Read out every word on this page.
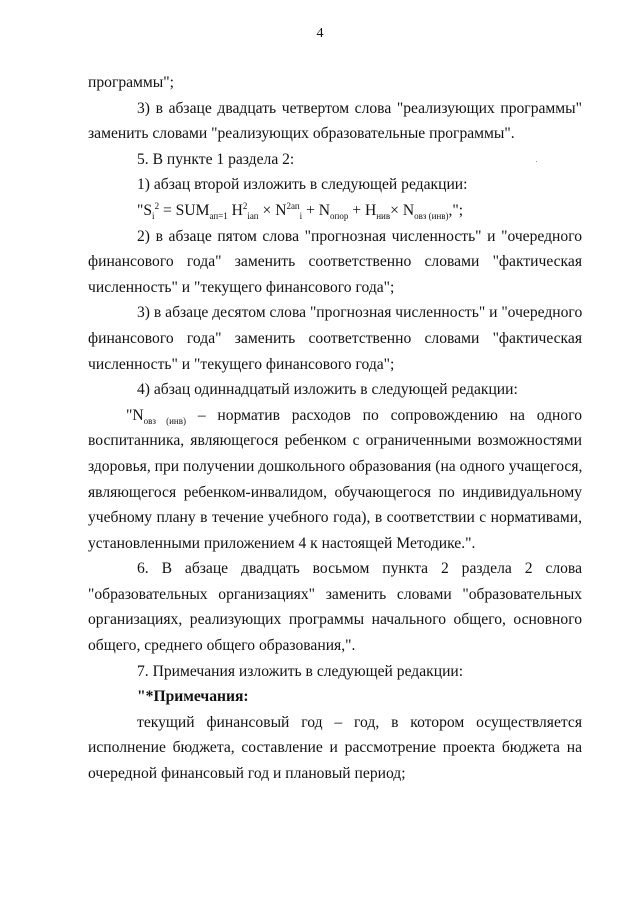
4
программы";
3) в абзаце двадцать четвертом слова "реализующих программы"
заменить словами "реализующих образовательные программы".
5. В пункте 1 раздела 2:
1) абзац второй изложить в следующей редакции:
"$S_i^2 = SUM_{ап=1}$ $H^2_{iап} \times N^{2ап}_i + N_{опор} + H_{нив}\times N_{овз (инв)}$,";
2) в абзаце пятом слова "прогнозная численность" и "очередного
финансового года" заменить соответственно словами "фактическая
численность" и "текущего финансового года";
3) в абзаце десятом слова "прогнозная численность" и "очередного
финансового года" заменить соответственно словами "фактическая
численность" и "текущего финансового года";
4) абзац одиннадцатый изложить в следующей редакции:
"$N_{овз (инв)}$ – норматив расходов по сопровождению на одного
воспитанника, являющегося ребенком с ограниченными возможностями
здоровья, при получении дошкольного образования (на одного учащегося,
являющегося ребенком-инвалидом, обучающегося по индивидуальному
учебному плану в течение учебного года), в соответствии с нормативами,
установленными приложением 4 к настоящей Методике.".
6. В абзаце двадцать восьмом пункта 2 раздела 2 слова
"образовательных организациях" заменить словами "образовательных
организациях, реализующих программы начального общего, основного
общего, среднего общего образования,".
7. Примечания изложить в следующей редакции:
"*Примечания:
текущий финансовый год – год, в котором осуществляется
исполнение бюджета, составление и рассмотрение проекта бюджета на
очередной финансовый год и плановый период;
